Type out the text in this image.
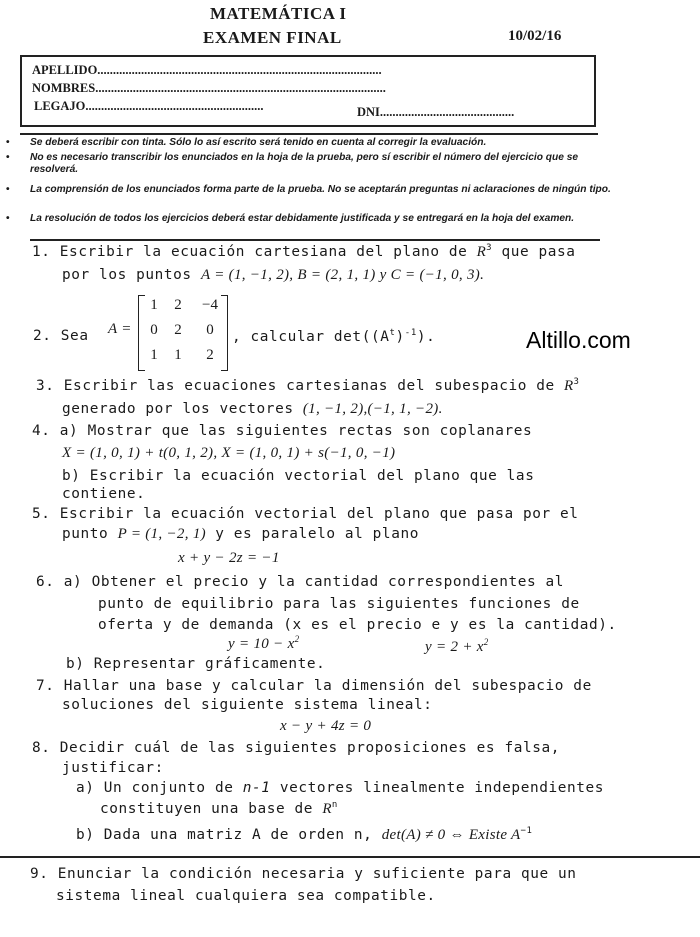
MATEMÁTICA I
EXAMEN FINAL	10/02/16
APELLIDO...........................................................................................
NOMBRES.............................................................................................
LEGAJO.........................................................	DNI...........................................
• Se deberá escribir con tinta. Sólo lo así escrito será tenido en cuenta al corregir la evaluación.
• No es necesario transcribir los enunciados en la hoja de la prueba, pero sí escribir el número del ejercicio que se resolverá.
• La comprensión de los enunciados forma parte de la prueba. No se aceptarán preguntas ni aclaraciones de ningún tipo.
• La resolución de todos los ejercicios deberá estar debidamente justificada y se entregará en la hoja del examen.
Altillo.com
1. Escribir la ecuación cartesiana del plano de $R^3$ que pasa
por los puntos A = (1, −1, 2), B = (2, 1, 1) y C = (−1, 0, 3).
2. Sea A =
1	2	−4
0	2	0
1	1	2
, calcular $\det((A^t)^{-1})$.
3. Escribir las ecuaciones cartesianas del subespacio de $R^3$
generado por los vectores (1, −1, 2),(−1, 1, −2).
4. a) Mostrar que las siguientes rectas son coplanares
X = (1, 0, 1) + t(0, 1, 2), X = (1, 0, 1) + s(−1, 0, −1)
b) Escribir la ecuación vectorial del plano que las
contiene.
5. Escribir la ecuación vectorial del plano que pasa por el
punto P = (1, −2, 1) y es paralelo al plano
x + y − 2z = −1
6. a) Obtener el precio y la cantidad correspondientes al
punto de equilibrio para las siguientes funciones de
oferta y de demanda (x es el precio e y es la cantidad).
$y = 10 - x^2$	$y = 2 + x^2$
b) Representar gráficamente.
7. Hallar una base y calcular la dimensión del subespacio de
soluciones del siguiente sistema lineal:
x − y + 4z = 0
8. Decidir cuál de las siguientes proposiciones es falsa,
justificar:
a) Un conjunto de n-1 vectores linealmente independientes
constituyen una base de $R^n$
b) Dada una matriz A de orden n, det(A) ≠ 0 ⇔ Existe $A^{-1}$
9. Enunciar la condición necesaria y suficiente para que un
sistema lineal cualquiera sea compatible.
